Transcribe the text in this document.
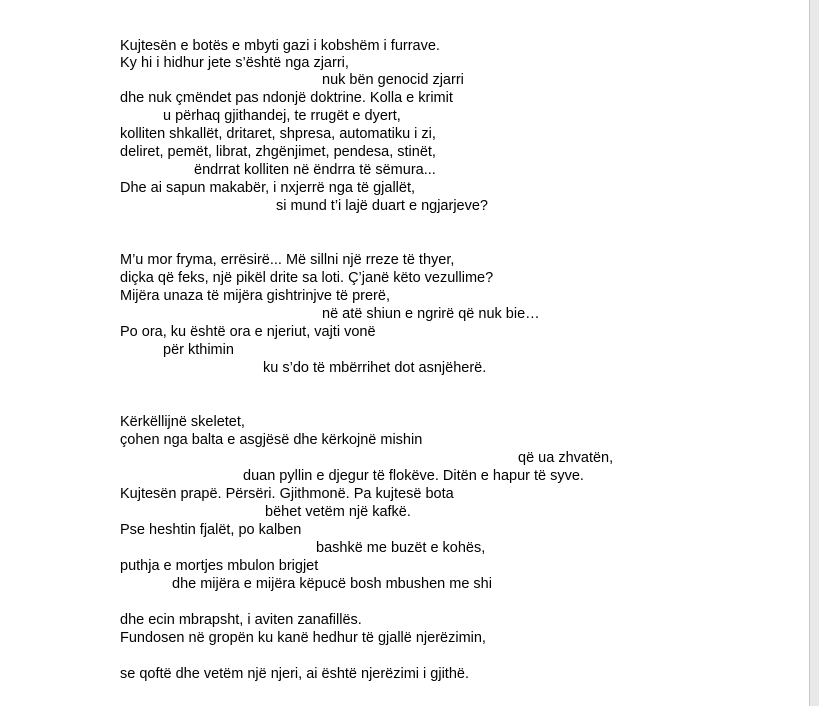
Kujtesën e botës e mbyti gazi i kobshëm i furrave.
Ky hi i hidhur jete s’është nga zjarri,
nuk bën genocid zjarri
dhe nuk çmëndet pas ndonjë doktrine. Kolla e krimit
u përhaq gjithandej, te rrugët e dyert,
kolliten shkallët, dritaret, shpresa, automatiku i zi,
deliret, pemët, librat, zhgënjimet, pendesa, stinët,
ëndrrat kolliten në ëndrra të sëmura...
Dhe ai sapun makabër, i nxjerrë nga të gjallët,
si mund t’i lajë duart e ngjarjeve?
M’u mor fryma, errësirë... Më sillni një rreze të thyer,
diçka që feks, një pikël drite sa loti. Ç’janë këto vezullime?
Mijëra unaza të mijëra gishtrinjve të prerë,
në atë shiun e ngrirë që nuk bie…
Po ora, ku është ora e njeriut, vajti vonë
për kthimin
ku s’do të mbërrihet dot asnjëherë.
Kërkëllijnë skeletet,
çohen nga balta e asgjësë dhe kërkojnë mishin
që ua zhvatën,
duan pyllin e djegur të flokëve. Ditën e hapur të syve.
Kujtesën prapë. Përsëri. Gjithmonë. Pa kujtesë bota
bëhet vetëm një kafkë.
Pse heshtin fjalët, po kalben
bashkë me buzët e kohës,
puthja e mortjes mbulon brigjet
dhe mijëra e mijëra këpucë bosh mbushen me shi
dhe ecin mbrapsht, i aviten zanafillës.
Fundosen në gropën ku kanë hedhur të gjallë njerëzimin,
se qoftë dhe vetëm një njeri, ai është njerëzimi i gjithë.
